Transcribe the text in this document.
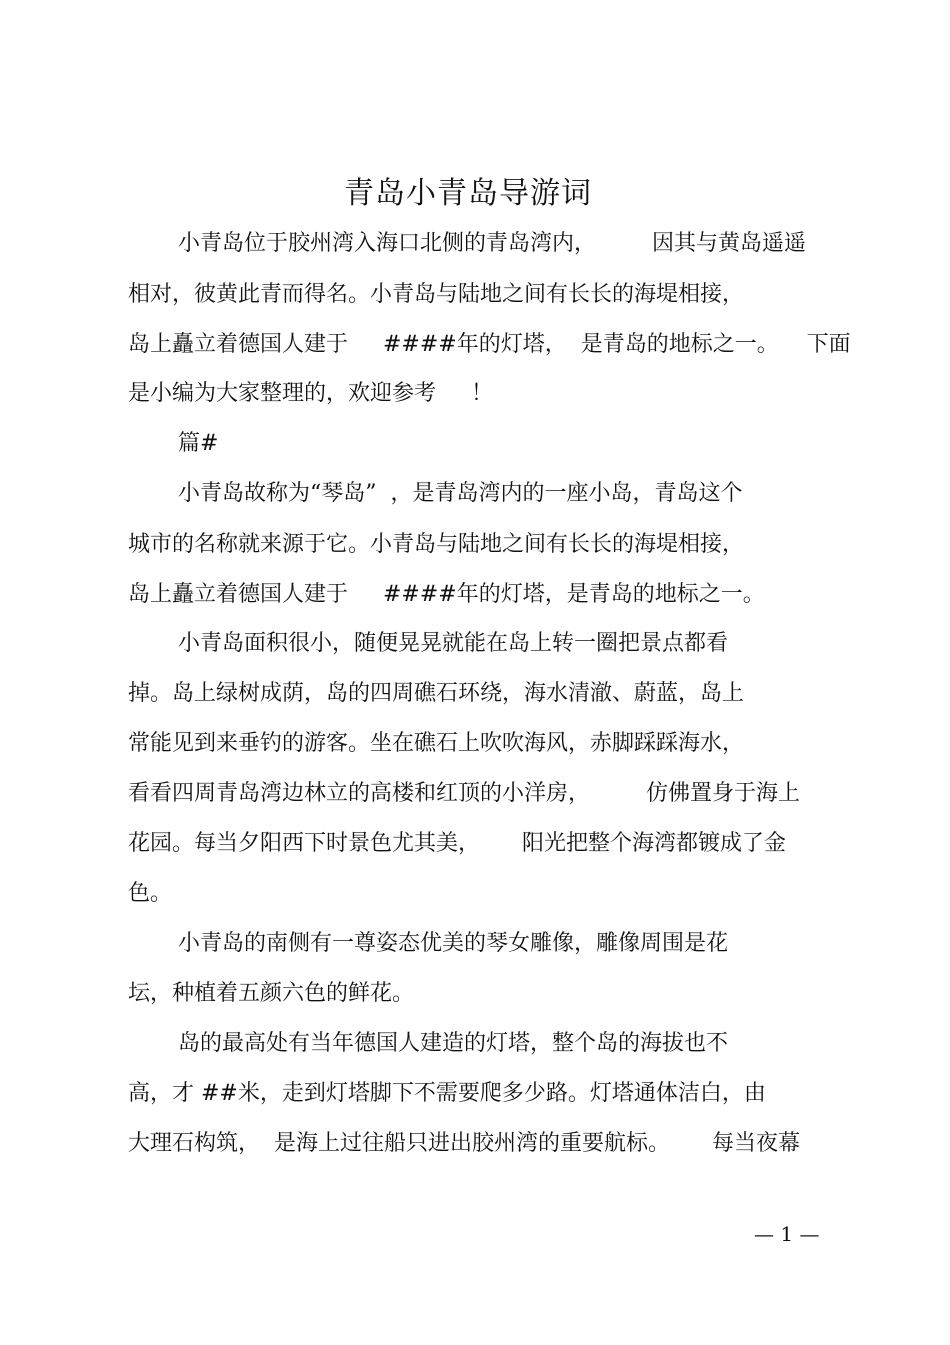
青岛小青岛导游词

小青岛位于胶州湾入海口北侧的青岛湾内，        因其与黄岛遥遥

相对，彼黄此青而得名。小青岛与陆地之间有长长的海堤相接，

岛上矗立着德国人建于     ####年的灯塔，  是青岛的地标之一。    下面

是小编为大家整理的，欢迎参考     ！

篇#

小青岛故称为“琴岛”  ，是青岛湾内的一座小岛，青岛这个

城市的名称就来源于它。小青岛与陆地之间有长长的海堤相接，

岛上矗立着德国人建于     ####年的灯塔，是青岛的地标之一。

小青岛面积很小，随便晃晃就能在岛上转一圈把景点都看

掉。岛上绿树成荫，岛的四周礁石环绕，海水清澈、蔚蓝，岛上

常能见到来垂钓的游客。坐在礁石上吹吹海风，赤脚踩踩海水，

看看四周青岛湾边林立的高楼和红顶的小洋房，        仿佛置身于海上

花园。每当夕阳西下时景色尤其美，      阳光把整个海湾都镀成了金

色。

小青岛的南侧有一尊姿态优美的琴女雕像，雕像周围是花

坛，种植着五颜六色的鲜花。

岛的最高处有当年德国人建造的灯塔，整个岛的海拔也不

高，才 ##米，走到灯塔脚下不需要爬多少路。灯塔通体洁白，由

大理石构筑，  是海上过往船只进出胶州湾的重要航标。      每当夜幕

— 1 —
